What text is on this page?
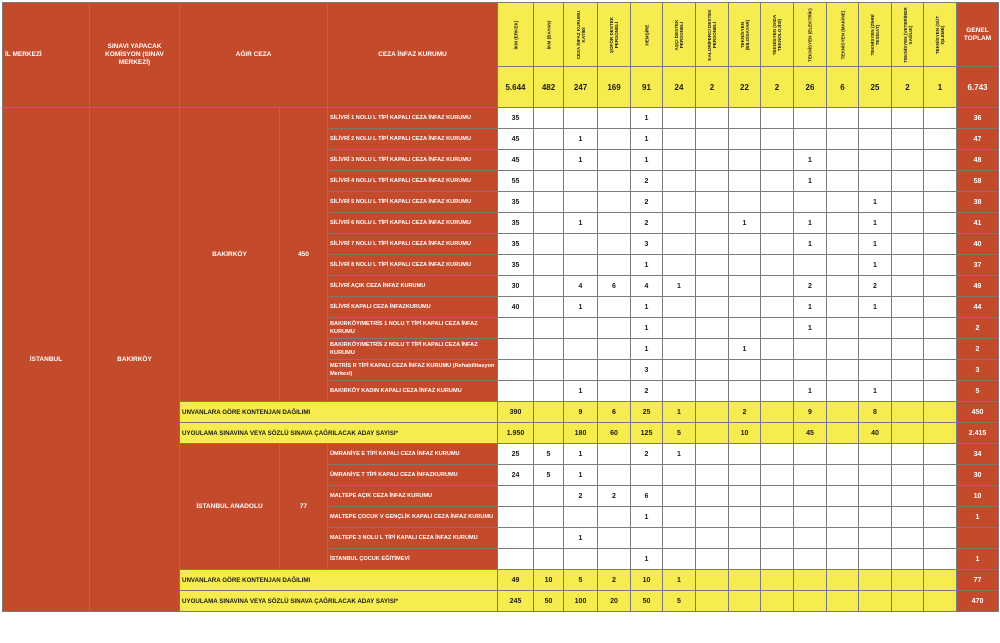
İL MERKEZİ	SINAVI YAPACAK KOMİSYON (SINAV MERKEZİ)	AĞIR CEZA		CEZA İNFAZ KURUMU	İKM (ERKEK)	İKM (BAYAN)	CEZA İNFAZ KURUMU KATİBİ	ŞOFÖR DESTEK PERSONELİ	HEMŞİRE	AŞÇI DESTEK PERSONELİ	KALORİFERCİ DESTEK PERSONELİ	TEKNİSYEN (BİLGİSAYAR)	TEKNİSYEN (GIDA TEKNOLOJİSİ)	TEKNİSYEN (ELEKTRİK)	TEKNİSYEN (MAKİNE)	TEKNİSYEN (ZİHNİ TESİSAT)	TEKNİSYEN (VETERİNER SAĞLIK)	TEKNİSYEN (SÜT İŞLEME)	GENEL TOPLAM
					5.644	482	247	169	91	24	2	22	2	26	6	25	2	1	6.743
İSTANBUL	BAKIRKÖY	BAKIRKÖY	450	SİLİVRİ 1 NOLU L TİPİ KAPALI CEZA İNFAZ KURUMU	35				1										36
				SİLİVRİ 2 NOLU L TİPİ KAPALI CEZA İNFAZ KURUMU	45		1		1										47
				SİLİVRİ 3 NOLU L TİPİ KAPALI CEZA İNFAZ KURUMU	45		1		1					1					48
				SİLİVRİ 4 NOLU L TİPİ KAPALI CEZA İNFAZ KURUMU	55				2					1					58
				SİLİVRİ 5 NOLU L TİPİ KAPALI CEZA İNFAZ KURUMU	35				2							1			38
				SİLİVRİ 6 NOLU L TİPİ KAPALI CEZA İNFAZ KURUMU	35		1		2			1		1		1			41
				SİLİVRİ 7 NOLU L TİPİ KAPALI CEZA İNFAZ KURUMU	35				3					1		1			40
				SİLİVRİ 8 NOLU L TİPİ KAPALI CEZA İNFAZ KURUMU	35				1							1			37
				SİLİVRİ AÇIK CEZA İNFAZ KURUMU	30		4	6	4	1				2		2			49
				SİLİVRİ KAPALI CEZA İNFAZKURUMU	40		1		1					1		1			44
				BAKIRKÖY/METRİS 1 NOLU T TİPİ KAPALI CEZA İNFAZ KURUMU					1					1					2
				BAKIRKÖY/METRİS 2 NOLU T TİPİ KAPALI CEZA İNFAZ KURUMU					1			1							2
				METRİS R TİPİ KAPALI CEZA İNFAZ KURUMU (Rehabilitasyon Merkezi)					3										3
				BAKIRKÖY KADIN KAPALI CEZA İNFAZ KURUMU			1		2					1		1			5
		UNVANLARA GÖRE KONTENJAN DAĞILIMI			390		9	6	25	1		2		9		8			450
		UYGULAMA SINAVINA VEYA SÖZLÜ SINAVA ÇAĞRILACAK ADAY SAYISI*			1.950		180	60	125	5		10		45		40			2.415
		İSTANBUL ANADOLU	77	ÜMRANİYE E TİPİ KAPALI CEZA İNFAZ KURUMU	25	5	1		2	1									34
				ÜMRANİYE T TİPİ KAPALI CEZA İNFAZKURUMU	24	5	1												30
				MALTEPE AÇIK CEZA İNFAZ KURUMU			2	2	6										10
				MALTEPE ÇOCUK V GENÇLİK KAPALI CEZA İNFAZ KURUMU					1										1
				MALTEPE 3 NOLU L TİPİ KAPALI CEZA İNFAZ KURUMU			1												
				İSTANBUL ÇOCUK EĞİTİMEVİ					1										1
		UNVANLARA GÖRE KONTENJAN DAĞILIMI			49	10	5	2	10	1									77
		UYGULAMA SINAVINA VEYA SÖZLÜ SINAVA ÇAĞRILACAK ADAY SAYISI*			245	50	100	20	50	5									470
